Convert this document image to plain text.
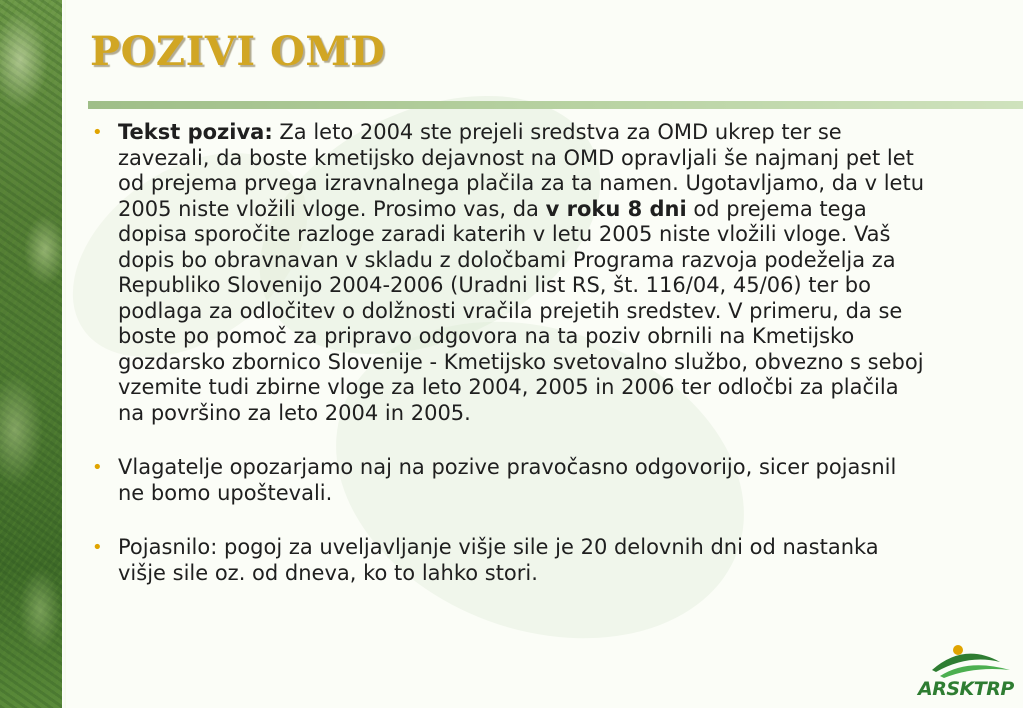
POZIVI OMD
• Tekst poziva: Za leto 2004 ste prejeli sredstva za OMD ukrep ter se zavezali, da boste kmetijsko dejavnost na OMD opravljali še najmanj pet let od prejema prvega izravnalnega plačila za ta namen. Ugotavljamo, da v letu 2005 niste vložili vloge. Prosimo vas, da v roku 8 dni od prejema tega dopisa sporočite razloge zaradi katerih v letu 2005 niste vložili vloge. Vaš dopis bo obravnavan v skladu z določbami Programa razvoja podeželja za Republiko Slovenijo 2004-2006 (Uradni list RS, št. 116/04, 45/06) ter bo podlaga za odločitev o dolžnosti vračila prejetih sredstev. V primeru, da se boste po pomoč za pripravo odgovora na ta poziv obrnili na Kmetijsko gozdarsko zbornico Slovenije - Kmetijsko svetovalno službo, obvezno s seboj vzemite tudi zbirne vloge za leto 2004, 2005 in 2006 ter odločbi za plačila na površino za leto 2004 in 2005.
• Vlagatelje opozarjamo naj na pozive pravočasno odgovorijo, sicer pojasnil ne bomo upoštevali.
• Pojasnilo: pogoj za uveljavljanje višje sile je 20 delovnih dni od nastanka višje sile oz. od dneva, ko to lahko stori.
ARSKTRP
